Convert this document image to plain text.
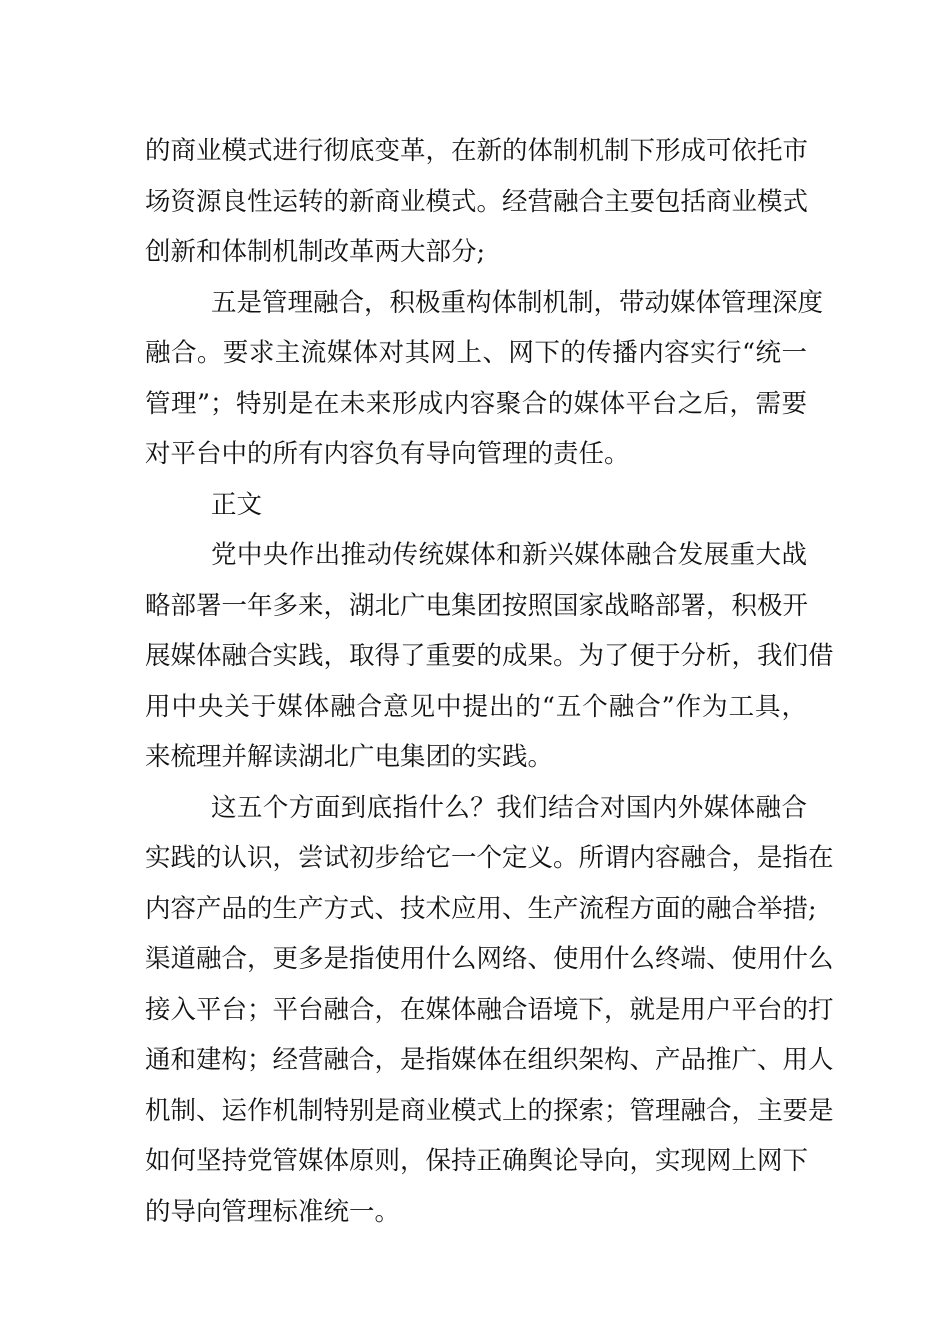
的商业模式进行彻底变革，在新的体制机制下形成可依托市
场资源良性运转的新商业模式。经营融合主要包括商业模式
创新和体制机制改革两大部分;
五是管理融合，积极重构体制机制，带动媒体管理深度
融合。要求主流媒体对其网上、网下的传播内容实行“统一
管理”；特别是在未来形成内容聚合的媒体平台之后，需要
对平台中的所有内容负有导向管理的责任。
正文
党中央作出推动传统媒体和新兴媒体融合发展重大战
略部署一年多来，湖北广电集团按照国家战略部署，积极开
展媒体融合实践，取得了重要的成果。为了便于分析，我们借
用中央关于媒体融合意见中提出的“五个融合”作为工具，
来梳理并解读湖北广电集团的实践。
这五个方面到底指什么？我们结合对国内外媒体融合
实践的认识，尝试初步给它一个定义。所谓内容融合，是指在
内容产品的生产方式、技术应用、生产流程方面的融合举措;
渠道融合，更多是指使用什么网络、使用什么终端、使用什么
接入平台；平台融合，在媒体融合语境下，就是用户平台的打
通和建构；经营融合，是指媒体在组织架构、产品推广、用人
机制、运作机制特别是商业模式上的探索；管理融合，主要是
如何坚持党管媒体原则，保持正确舆论导向，实现网上网下
的导向管理标准统一。
